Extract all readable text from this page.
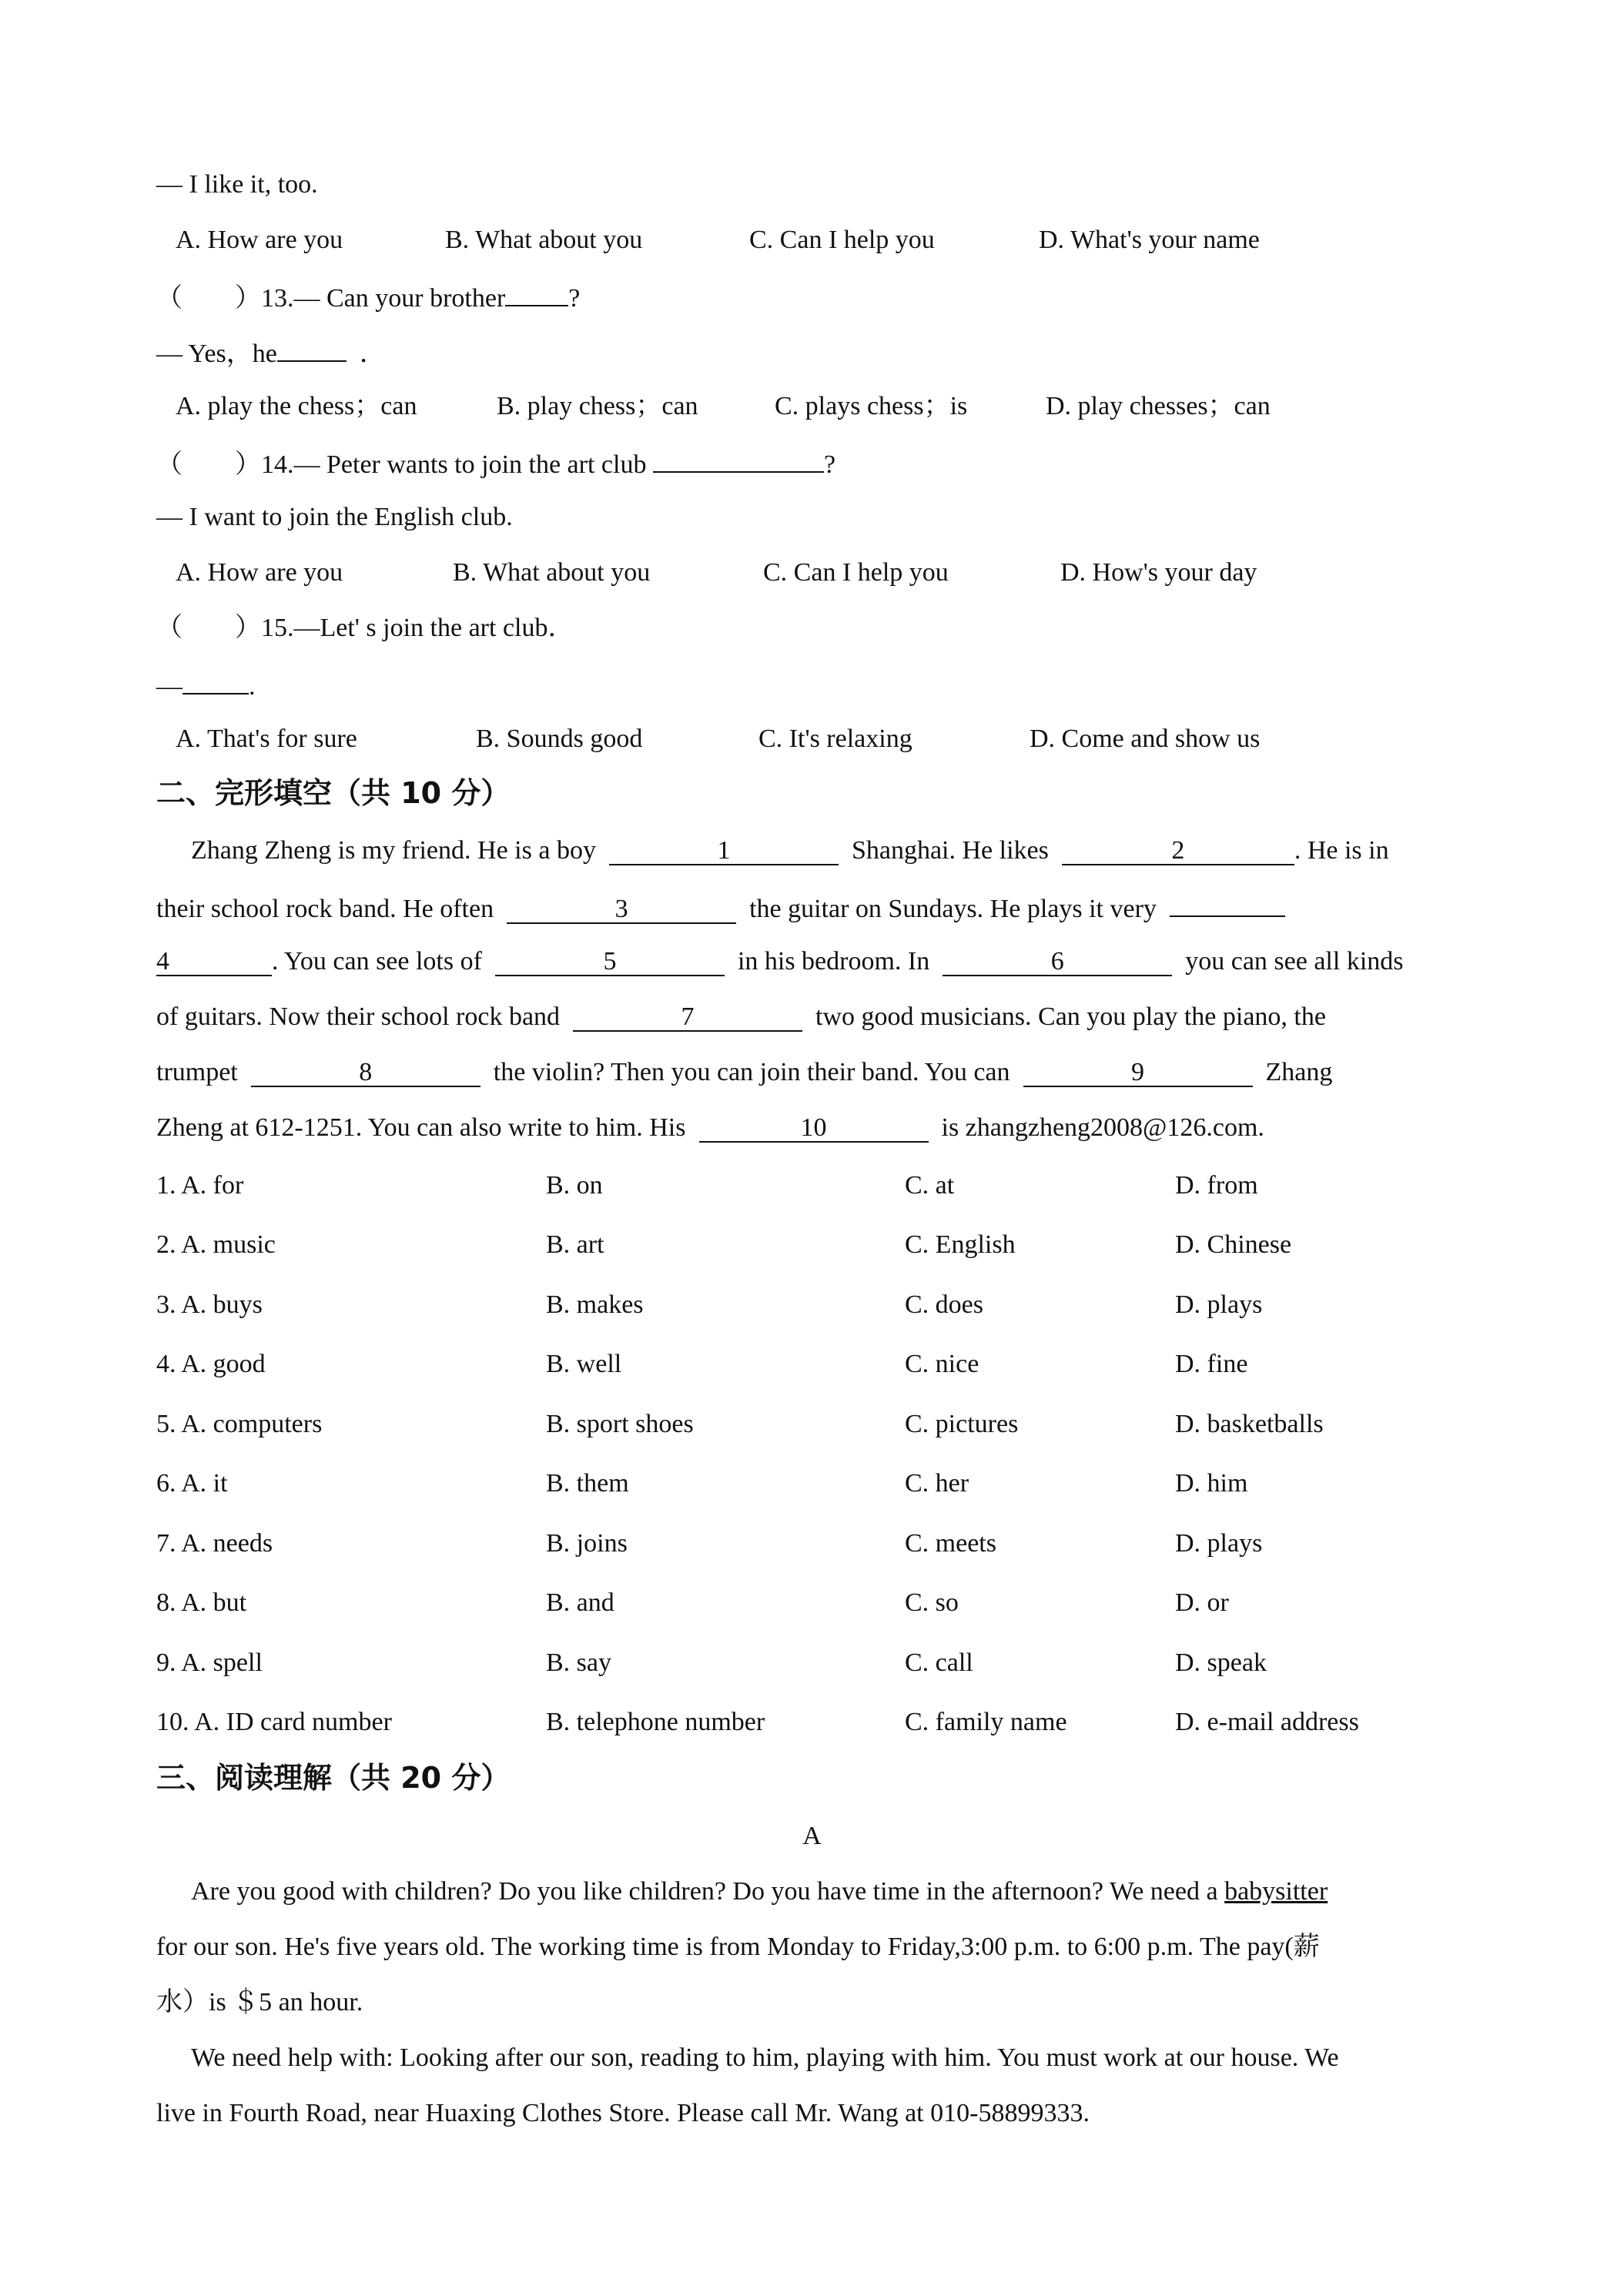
— I like it, too.
A. How are you	B. What about you	C. Can I help you	D. What's your name
（　　）13.— Can your brother ?
— Yes，he	．
A. play the chess；can	B. play chess；can	C. plays chess；is	D. play chesses；can
（　　）14.— Peter wants to join the art club	?
— I want to join the English club.
A. How are you	B. What about you	C. Can I help you	D. How's your day
（　　）15.—Let' s join the art club．
—	.
A. That's for sure	B. Sounds good	C. It's relaxing	D. Come and show us
二、完形填空（共 10 分）
Zhang Zheng is my friend. He is a boy	1	Shanghai. He likes	2	. He is in
their school rock band. He often	3	the guitar on Sundays. He plays it very
4	. You can see lots of	5	in his bedroom. In	6	you can see all kinds
of guitars. Now their school rock band	7	two good musicians. Can you play the piano, the
trumpet	8	the violin? Then you can join their band. You can	9	Zhang
Zheng at 612-1251. You can also write to him. His	10	is zhangzheng2008@126.com.
1. A. for	B. on	C. at	D. from
2. A. music	B. art	C. English	D. Chinese
3. A. buys	B. makes	C. does	D. plays
4. A. good	B. well	C. nice	D. fine
5. A. computers	B. sport shoes	C. pictures	D. basketballs
6. A. it	B. them	C. her	D. him
7. A. needs	B. joins	C. meets	D. plays
8. A. but	B. and	C. so	D. or
9. A. spell	B. say	C. call	D. speak
10. A. ID card number	B. telephone number	C. family name	D. e-mail address
三、阅读理解（共 20 分）
A
Are you good with children? Do you like children? Do you have time in the afternoon? We need a babysitter
for our son. He's five years old. The working time is from Monday to Friday,3:00 p.m. to 6:00 p.m. The pay(薪
水）is ＄5 an hour.
We need help with: Looking after our son, reading to him, playing with him. You must work at our house. We
live in Fourth Road, near Huaxing Clothes Store. Please call Mr. Wang at 010-58899333.
